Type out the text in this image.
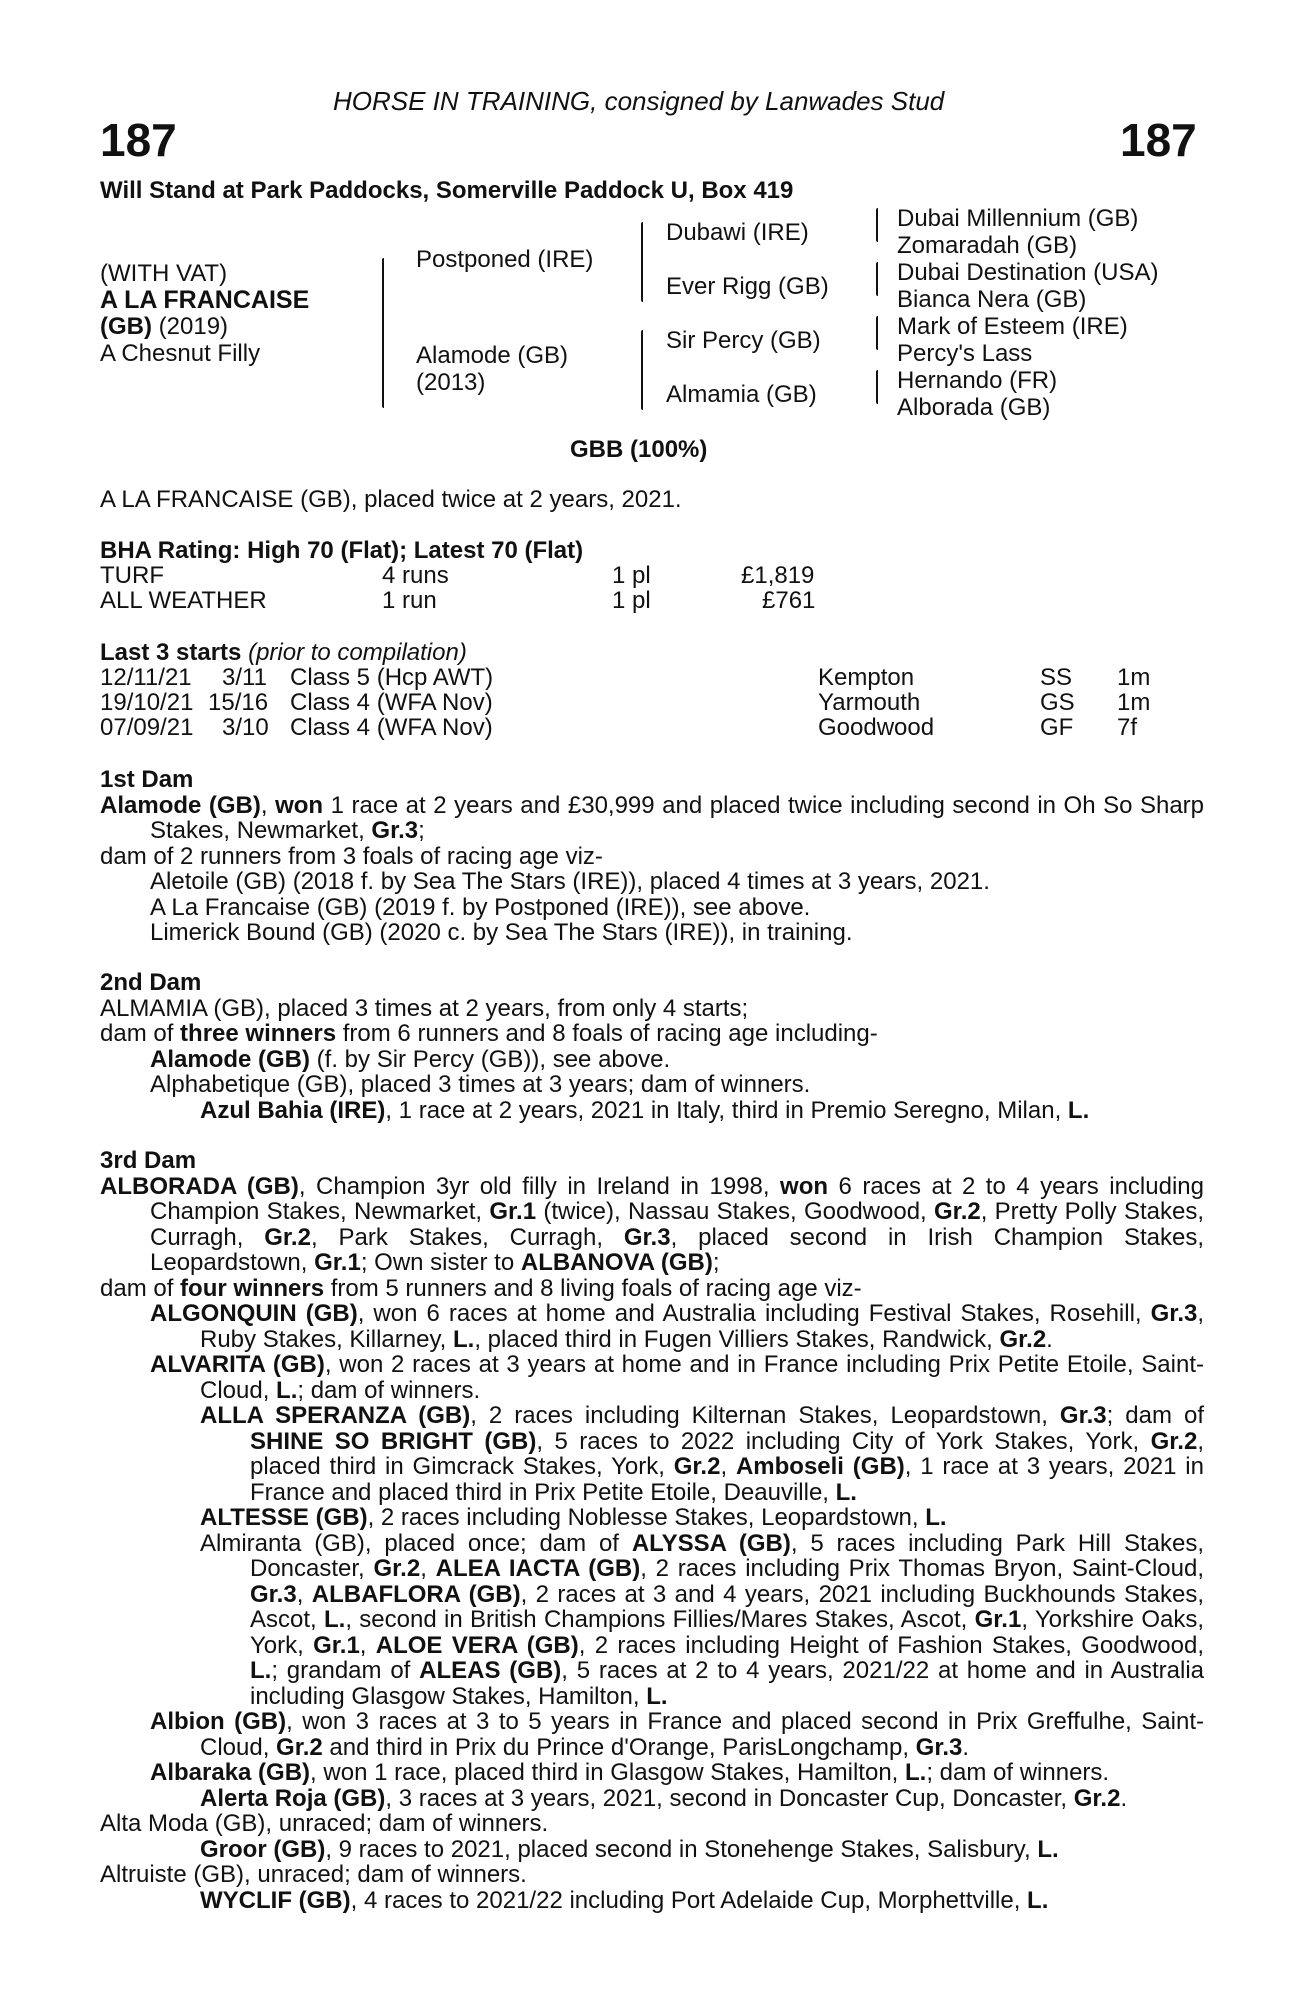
HORSE IN TRAINING, consigned by Lanwades Stud
187	187
Will Stand at Park Paddocks, Somerville Paddock U, Box 419
(WITH VAT)
A LA FRANCAISE
(GB) (2019)
A Chesnut Filly
Postponed (IRE)
Alamode (GB)
(2013)
Dubawi (IRE)
Ever Rigg (GB)
Sir Percy (GB)
Almamia (GB)
Dubai Millennium (GB)
Zomaradah (GB)
Dubai Destination (USA)
Bianca Nera (GB)
Mark of Esteem (IRE)
Percy's Lass
Hernando (FR)
Alborada (GB)
GBB (100%)
A LA FRANCAISE (GB), placed twice at 2 years, 2021.
BHA Rating: High 70 (Flat); Latest 70 (Flat)
TURF	4 runs	1 pl	£1,819
ALL WEATHER	1 run	1 pl	£761
Last 3 starts (prior to compilation)
12/11/21 3/11 Class 5 (Hcp AWT)	Kempton	SS 1m
19/10/21 15/16 Class 4 (WFA Nov)	Yarmouth	GS 1m
07/09/21 3/10 Class 4 (WFA Nov)	Goodwood	GF 7f

1st Dam

Alamode (GB), won 1 race at 2 years and £30,999 and placed twice including second in Oh So Sharp Stakes, Newmarket, Gr.3;

dam of 2 runners from 3 foals of racing age viz-

Aletoile (GB) (2018 f. by Sea The Stars (IRE)), placed 4 times at 3 years, 2021.

A La Francaise (GB) (2019 f. by Postponed (IRE)), see above.

Limerick Bound (GB) (2020 c. by Sea The Stars (IRE)), in training.

2nd Dam

ALMAMIA (GB), placed 3 times at 2 years, from only 4 starts;

dam of three winners from 6 runners and 8 foals of racing age including-

Alamode (GB) (f. by Sir Percy (GB)), see above.

Alphabetique (GB), placed 3 times at 3 years; dam of winners.

Azul Bahia (IRE), 1 race at 2 years, 2021 in Italy, third in Premio Seregno, Milan, L.

3rd Dam

ALBORADA (GB), Champion 3yr old filly in Ireland in 1998, won 6 races at 2 to 4 years including Champion Stakes, Newmarket, Gr.1 (twice), Nassau Stakes, Goodwood, Gr.2, Pretty Polly Stakes, Curragh, Gr.2, Park Stakes, Curragh, Gr.3, placed second in Irish Champion Stakes, Leopardstown, Gr.1; Own sister to ALBANOVA (GB);

dam of four winners from 5 runners and 8 living foals of racing age viz-

ALGONQUIN (GB), won 6 races at home and Australia including Festival Stakes, Rosehill, Gr.3, Ruby Stakes, Killarney, L., placed third in Fugen Villiers Stakes, Randwick, Gr.2.

ALVARITA (GB), won 2 races at 3 years at home and in France including Prix Petite Etoile, Saint-Cloud, L.; dam of winners.

ALLA SPERANZA (GB), 2 races including Kilternan Stakes, Leopardstown, Gr.3; dam of SHINE SO BRIGHT (GB), 5 races to 2022 including City of York Stakes, York, Gr.2, placed third in Gimcrack Stakes, York, Gr.2, Amboseli (GB), 1 race at 3 years, 2021 in France and placed third in Prix Petite Etoile, Deauville, L.

ALTESSE (GB), 2 races including Noblesse Stakes, Leopardstown, L.

Almiranta (GB), placed once; dam of ALYSSA (GB), 5 races including Park Hill Stakes, Doncaster, Gr.2, ALEA IACTA (GB), 2 races including Prix Thomas Bryon, Saint-Cloud, Gr.3, ALBAFLORA (GB), 2 races at 3 and 4 years, 2021 including Buckhounds Stakes, Ascot, L., second in British Champions Fillies/Mares Stakes, Ascot, Gr.1, Yorkshire Oaks, York, Gr.1, ALOE VERA (GB), 2 races including Height of Fashion Stakes, Goodwood, L.; grandam of ALEAS (GB), 5 races at 2 to 4 years, 2021/22 at home and in Australia including Glasgow Stakes, Hamilton, L.

Albion (GB), won 3 races at 3 to 5 years in France and placed second in Prix Greffulhe, Saint-Cloud, Gr.2 and third in Prix du Prince d'Orange, ParisLongchamp, Gr.3.

Albaraka (GB), won 1 race, placed third in Glasgow Stakes, Hamilton, L.; dam of winners.

Alerta Roja (GB), 3 races at 3 years, 2021, second in Doncaster Cup, Doncaster, Gr.2.

Alta Moda (GB), unraced; dam of winners.

Groor (GB), 9 races to 2021, placed second in Stonehenge Stakes, Salisbury, L.

Altruiste (GB), unraced; dam of winners.

WYCLIF (GB), 4 races to 2021/22 including Port Adelaide Cup, Morphettville, L.
